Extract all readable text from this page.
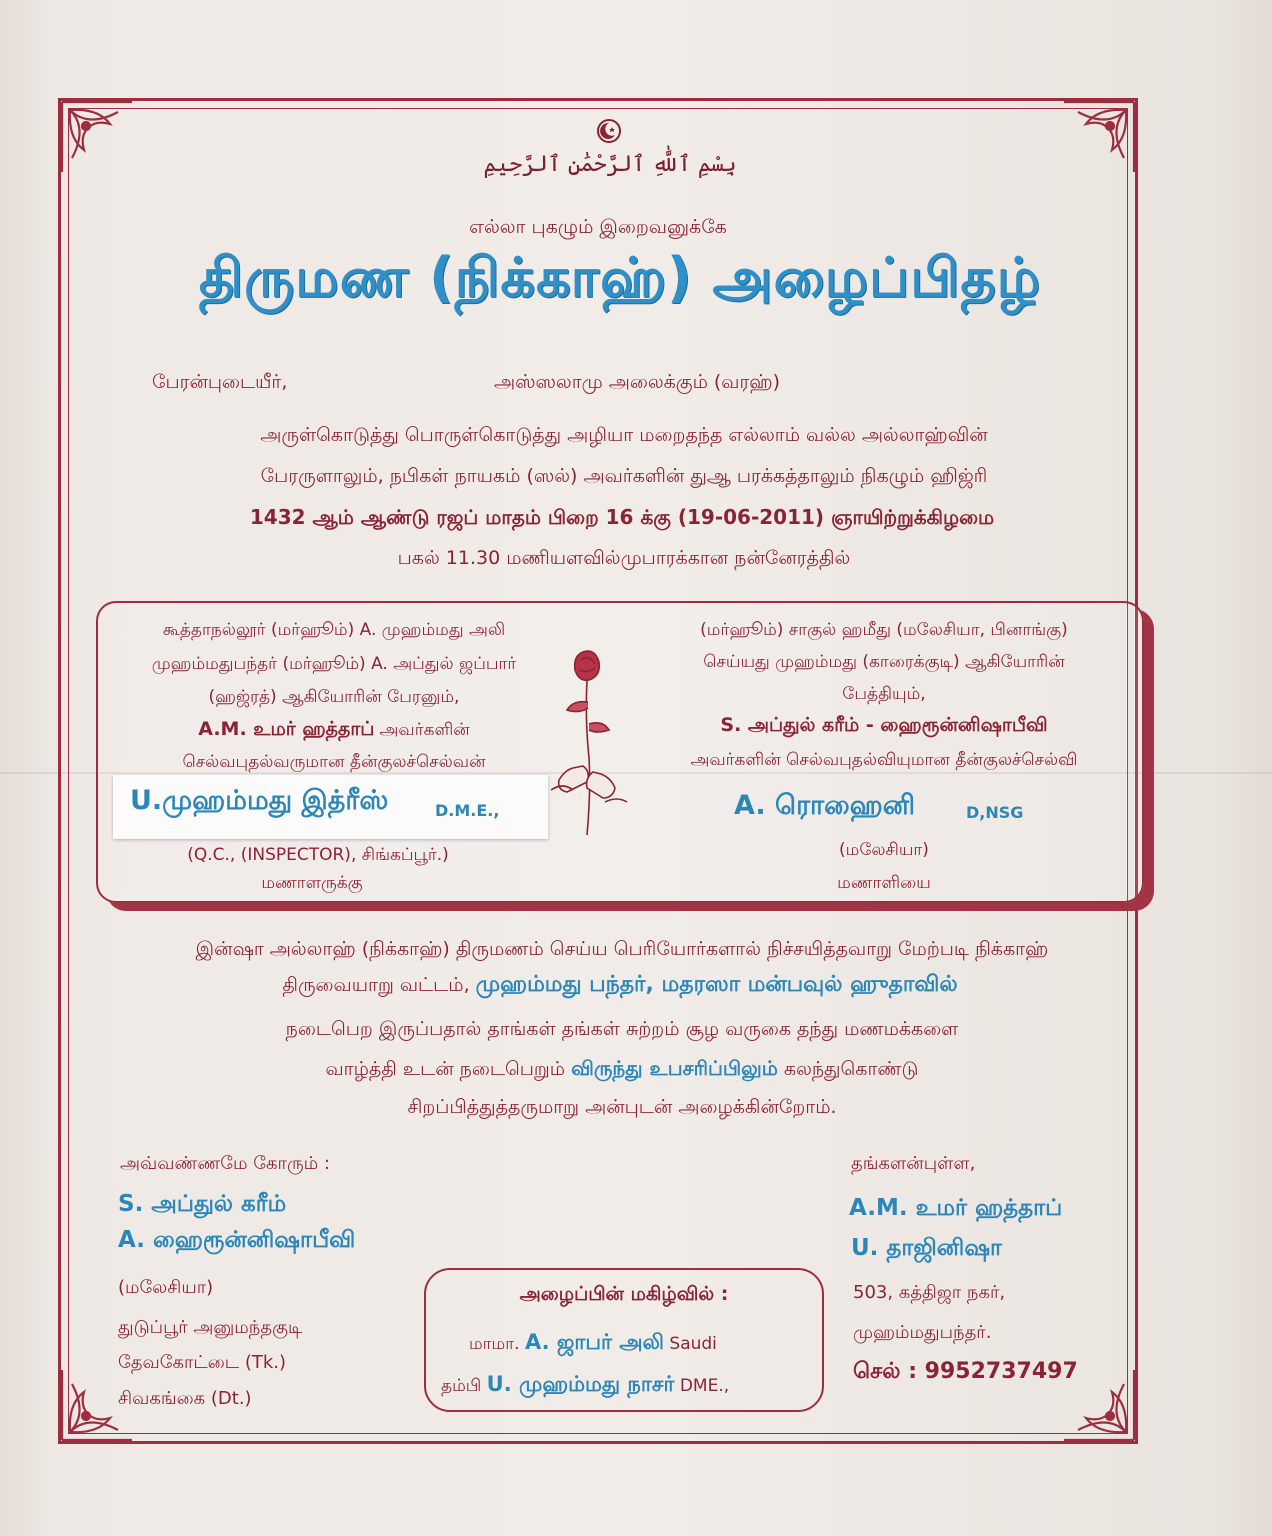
بِسْمِ ٱللَّٰهِ ٱلرَّحْمَٰنِ ٱلرَّحِيمِ
எல்லா புகழும் இறைவனுக்கே
திருமண (நிக்காஹ்) அழைப்பிதழ்
பேரன்புடையீர்,	அஸ்ஸலாமு அலைக்கும் (வரஹ்)
அருள்கொடுத்து பொருள்கொடுத்து அழியா மறைதந்த எல்லாம் வல்ல அல்லாஹ்வின்
பேரருளாலும், நபிகள் நாயகம் (ஸல்) அவர்களின் துஆ பரக்கத்தாலும் நிகழும் ஹிஜ்ரி
1432 ஆம் ஆண்டு ரஜப் மாதம் பிறை 16 க்கு (19-06-2011) ஞாயிற்றுக்கிழமை
பகல் 11.30 மணியளவில்முபாரக்கான நன்னேரத்தில்
கூத்தாநல்லூர் (மர்ஹூம்) A. முஹம்மது அலி
முஹம்மதுபந்தர் (மர்ஹூம்) A. அப்துல் ஜப்பார்
(ஹஜ்ரத்) ஆகியோரின் பேரனும்,
A.M. உமர் ஹத்தாப் அவர்களின்
செல்வபுதல்வருமான தீன்குலச்செல்வன்
U.முஹம்மது இத்ரீஸ்	D.M.E.,
(Q.C., (INSPECTOR), சிங்கப்பூர்.)
மணாளருக்கு
(மர்ஹூம்) சாகுல் ஹமீது (மலேசியா, பினாங்கு)
செய்யது முஹம்மது (காரைக்குடி) ஆகியோரின்
பேத்தியும்,
S. அப்துல் கரீம் - ஹைரூன்னிஷாபீவி
அவர்களின் செல்வபுதல்வியுமான தீன்குலச்செல்வி
A. ரொஹைனி	D,NSG
(மலேசியா)
மணாளியை
இன்ஷா அல்லாஹ் (நிக்காஹ்) திருமணம் செய்ய பெரியோர்களால் நிச்சயித்தவாறு மேற்படி நிக்காஹ்
திருவையாறு வட்டம், முஹம்மது பந்தர், மதரஸா மன்பவுல் ஹுதாவில்
நடைபெற இருப்பதால் தாங்கள் தங்கள் சுற்றம் சூழ வருகை தந்து மணமக்களை
வாழ்த்தி உடன் நடைபெறும் விருந்து உபசரிப்பிலும் கலந்துகொண்டு
சிறப்பித்துத்தருமாறு அன்புடன் அழைக்கின்றோம்.
அவ்வண்ணமே கோரும் :
S. அப்துல் கரீம்
A. ஹைரூன்னிஷாபீவி
(மலேசியா)
துடுப்பூர் அனுமந்தகுடி
தேவகோட்டை (Tk.)
சிவகங்கை (Dt.)
அழைப்பின் மகிழ்வில் :
மாமா. A. ஜாபர் அலி Saudi
தம்பி U. முஹம்மது நாசர் DME.,
தங்களன்புள்ள,
A.M. உமர் ஹத்தாப்
U. தாஜினிஷா
503, கத்திஜா நகர்,
முஹம்மதுபந்தர்.
செல் : 9952737497
